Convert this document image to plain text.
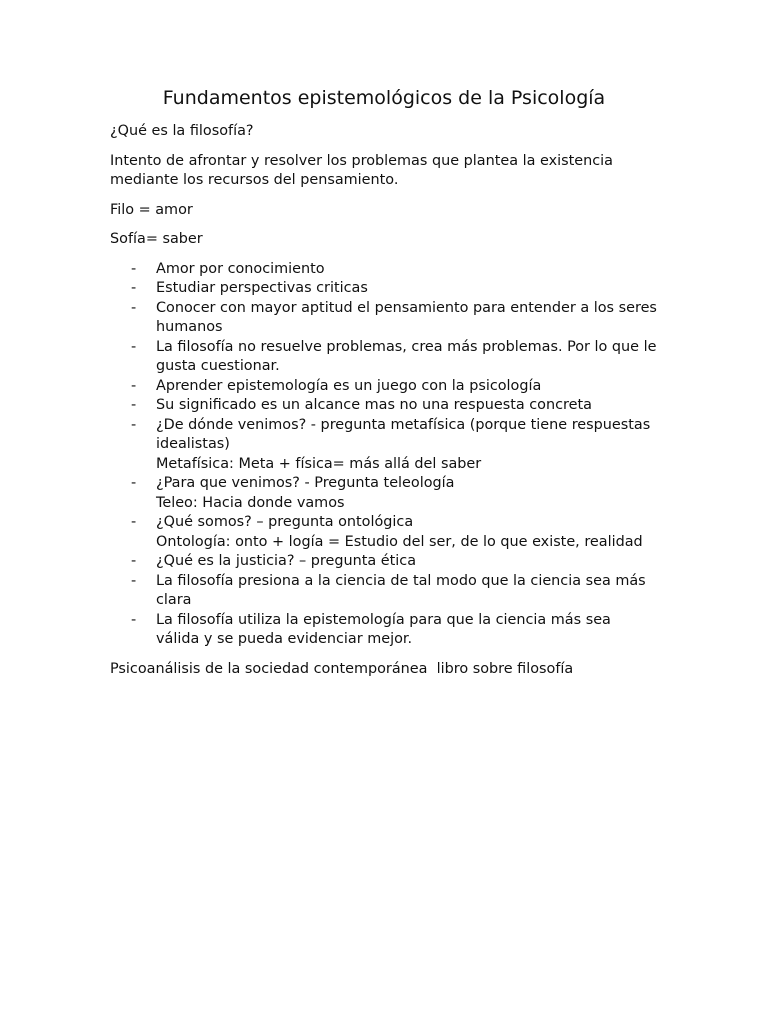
Fundamentos epistemológicos de la Psicología

¿Qué es la filosofía?

Intento de afrontar y resolver los problemas que plantea la existencia mediante los recursos del pensamiento.

Filo = amor

Sofía= saber

- Amor por conocimiento
- Estudiar perspectivas criticas
- Conocer con mayor aptitud el pensamiento para entender a los seres humanos
- La filosofía no resuelve problemas, crea más problemas. Por lo que le gusta cuestionar.
- Aprender epistemología es un juego con la psicología
- Su significado es un alcance mas no una respuesta concreta
- ¿De dónde venimos? - pregunta metafísica (porque tiene respuestas idealistas)
Metafísica: Meta + física= más allá del saber
- ¿Para que venimos? - Pregunta teleología
Teleo: Hacia donde vamos
- ¿Qué somos? – pregunta ontológica
Ontología: onto + logía = Estudio del ser, de lo que existe, realidad
- ¿Qué es la justicia? – pregunta ética
- La filosofía presiona a la ciencia de tal modo que la ciencia sea más clara
- La filosofía utiliza la epistemología para que la ciencia más sea válida y se pueda evidenciar mejor.

Psicoanálisis de la sociedad contemporánea  libro sobre filosofía
